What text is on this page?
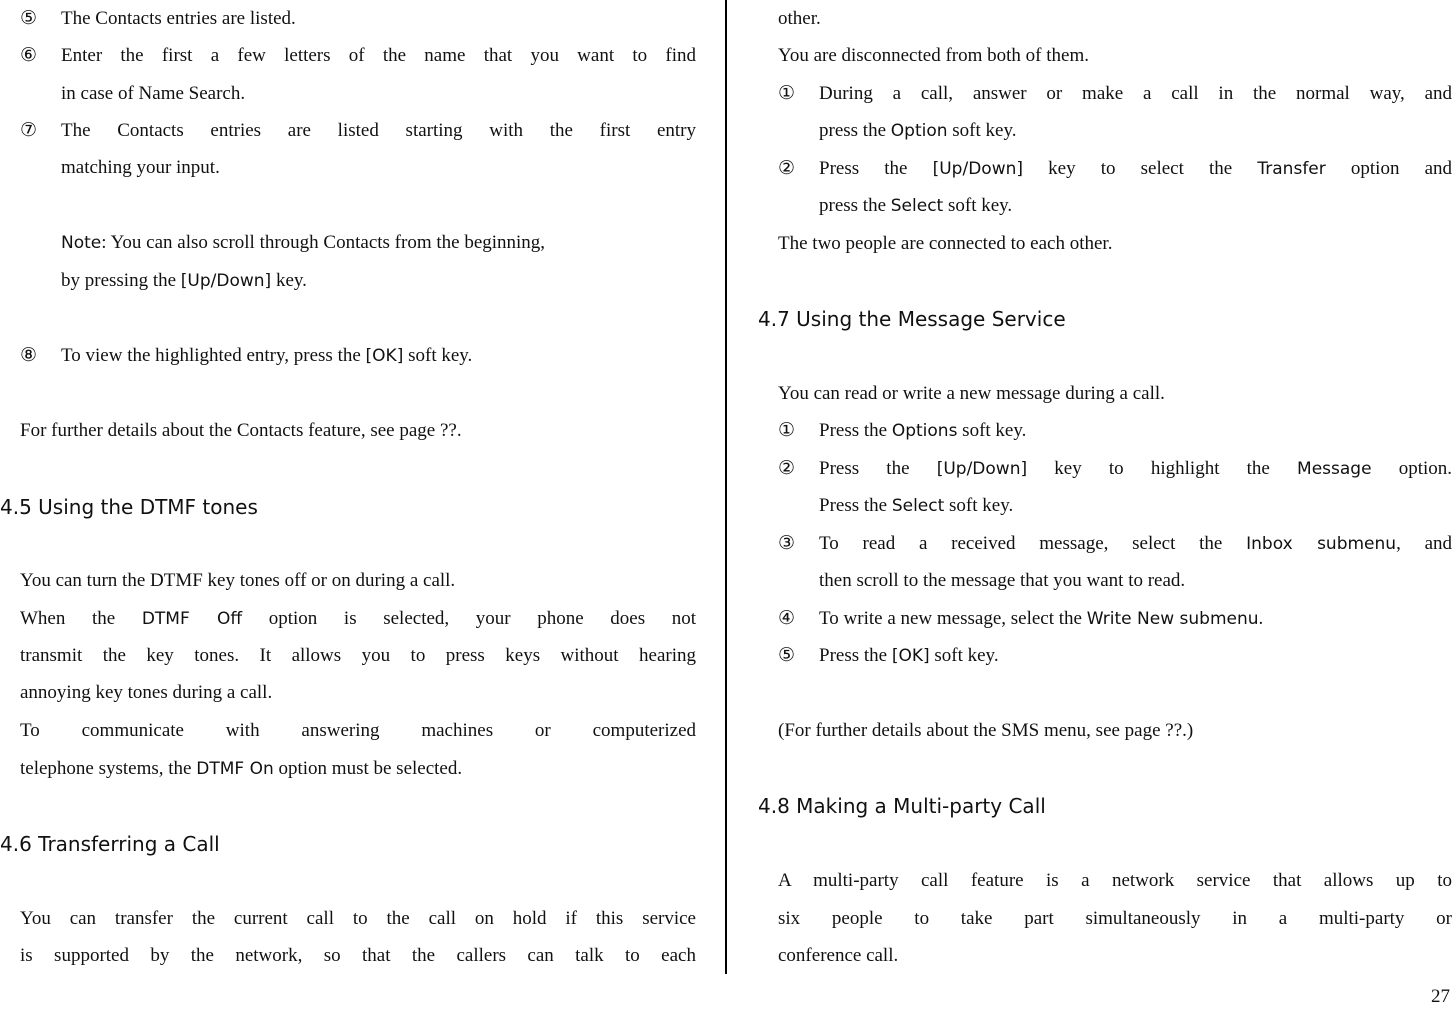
⑤ The Contacts entries are listed.
⑥ Enter the first a few letters of the name that you want to find
in case of Name Search.
⑦ The Contacts entries are listed starting with the first entry
matching your input.
Note: You can also scroll through Contacts from the beginning,
by pressing the [Up/Down] key.
⑧ To view the highlighted entry, press the [OK] soft key.
For further details about the Contacts feature, see page ??.
4.5 Using the DTMF tones
You can turn the DTMF key tones off or on during a call.
When the DTMF Off option is selected, your phone does not
transmit the key tones. It allows you to press keys without hearing
annoying key tones during a call.
To communicate with answering machines or computerized
telephone systems, the DTMF On option must be selected.
4.6 Transferring a Call
You can transfer the current call to the call on hold if this service
is supported by the network, so that the callers can talk to each
other.
You are disconnected from both of them.
① During a call, answer or make a call in the normal way, and
press the Option soft key.
② Press the [Up/Down] key to select the Transfer option and
press the Select soft key.
The two people are connected to each other.
4.7 Using the Message Service
You can read or write a new message during a call.
① Press the Options soft key.
② Press the [Up/Down] key to highlight the Message option.
Press the Select soft key.
③ To read a received message, select the Inbox submenu, and
then scroll to the message that you want to read.
④ To write a new message, select the Write New submenu.
⑤ Press the [OK] soft key.
(For further details about the SMS menu, see page ??.)
4.8 Making a Multi-party Call
A multi-party call feature is a network service that allows up to
six people to take part simultaneously in a multi-party or
conference call.
27
